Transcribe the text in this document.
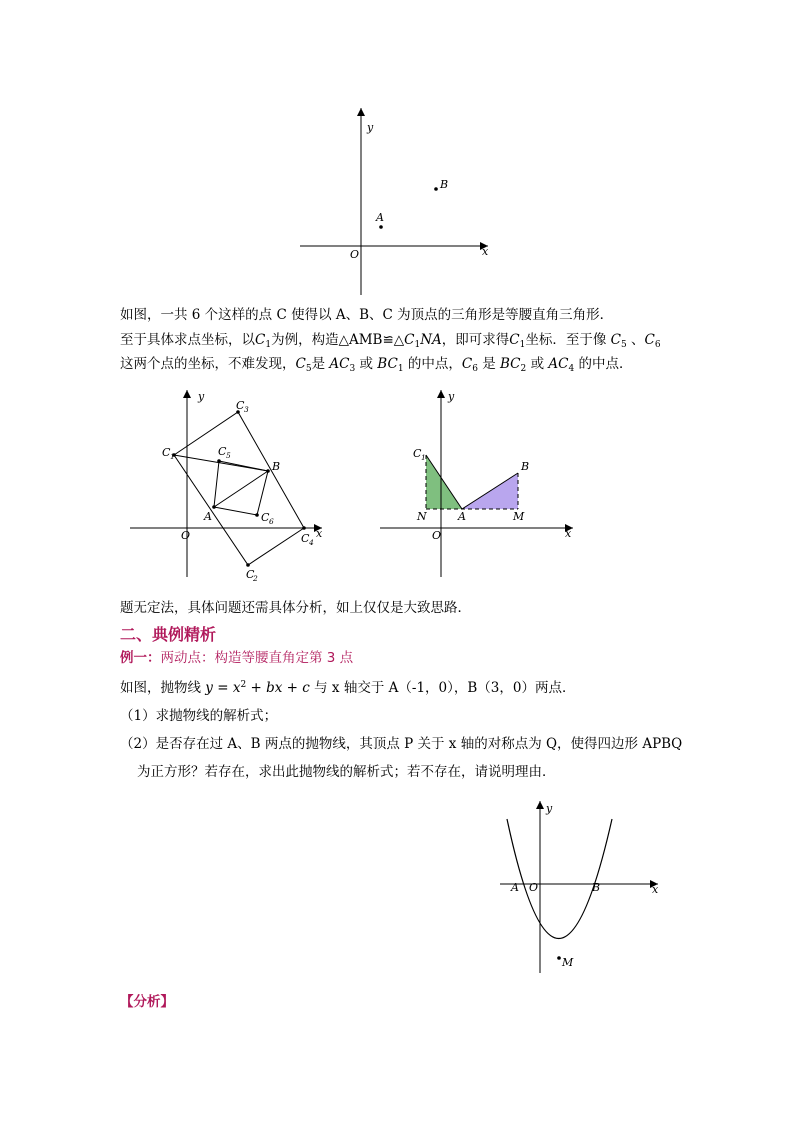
y
x
O
B
A
如图，一共 6 个这样的点 C 使得以 A、B、C 为顶点的三角形是等腰直角三角形．
至于具体求点坐标，以$C_1$为例，构造$\triangle AMB≌\triangle C_1NA$，即可求得$C_1$坐标．至于像 $C_5$ 、$C_6$
这两个点的坐标，不难发现，$C_5$是 $AC_3$ 或 $BC_1$ 的中点，$C_6$ 是 $BC_2$ 或 $AC_4$ 的中点．
y
x
O
C 1
C 3
C 5
B
A	C 6
C 4
C
2
y
x
O
C 1
B
N	A	M
题无定法，具体问题还需具体分析，如上仅仅是大致思路．
二、典例精析
例一：两动点：构造等腰直角定第 3 点
如图，抛物线 $y = x^2$ + bx + c 与 x 轴交于 A（-1，0），B（3，0）两点．
（1）求抛物线的解析式；
（2）是否存在过 A、B 两点的抛物线，其顶点 P 关于 x 轴的对称点为 Q，使得四边形 APBQ
为正方形？若存在，求出此抛物线的解析式；若不存在，请说明理由．
y
x
A O	B
M
【分析】
